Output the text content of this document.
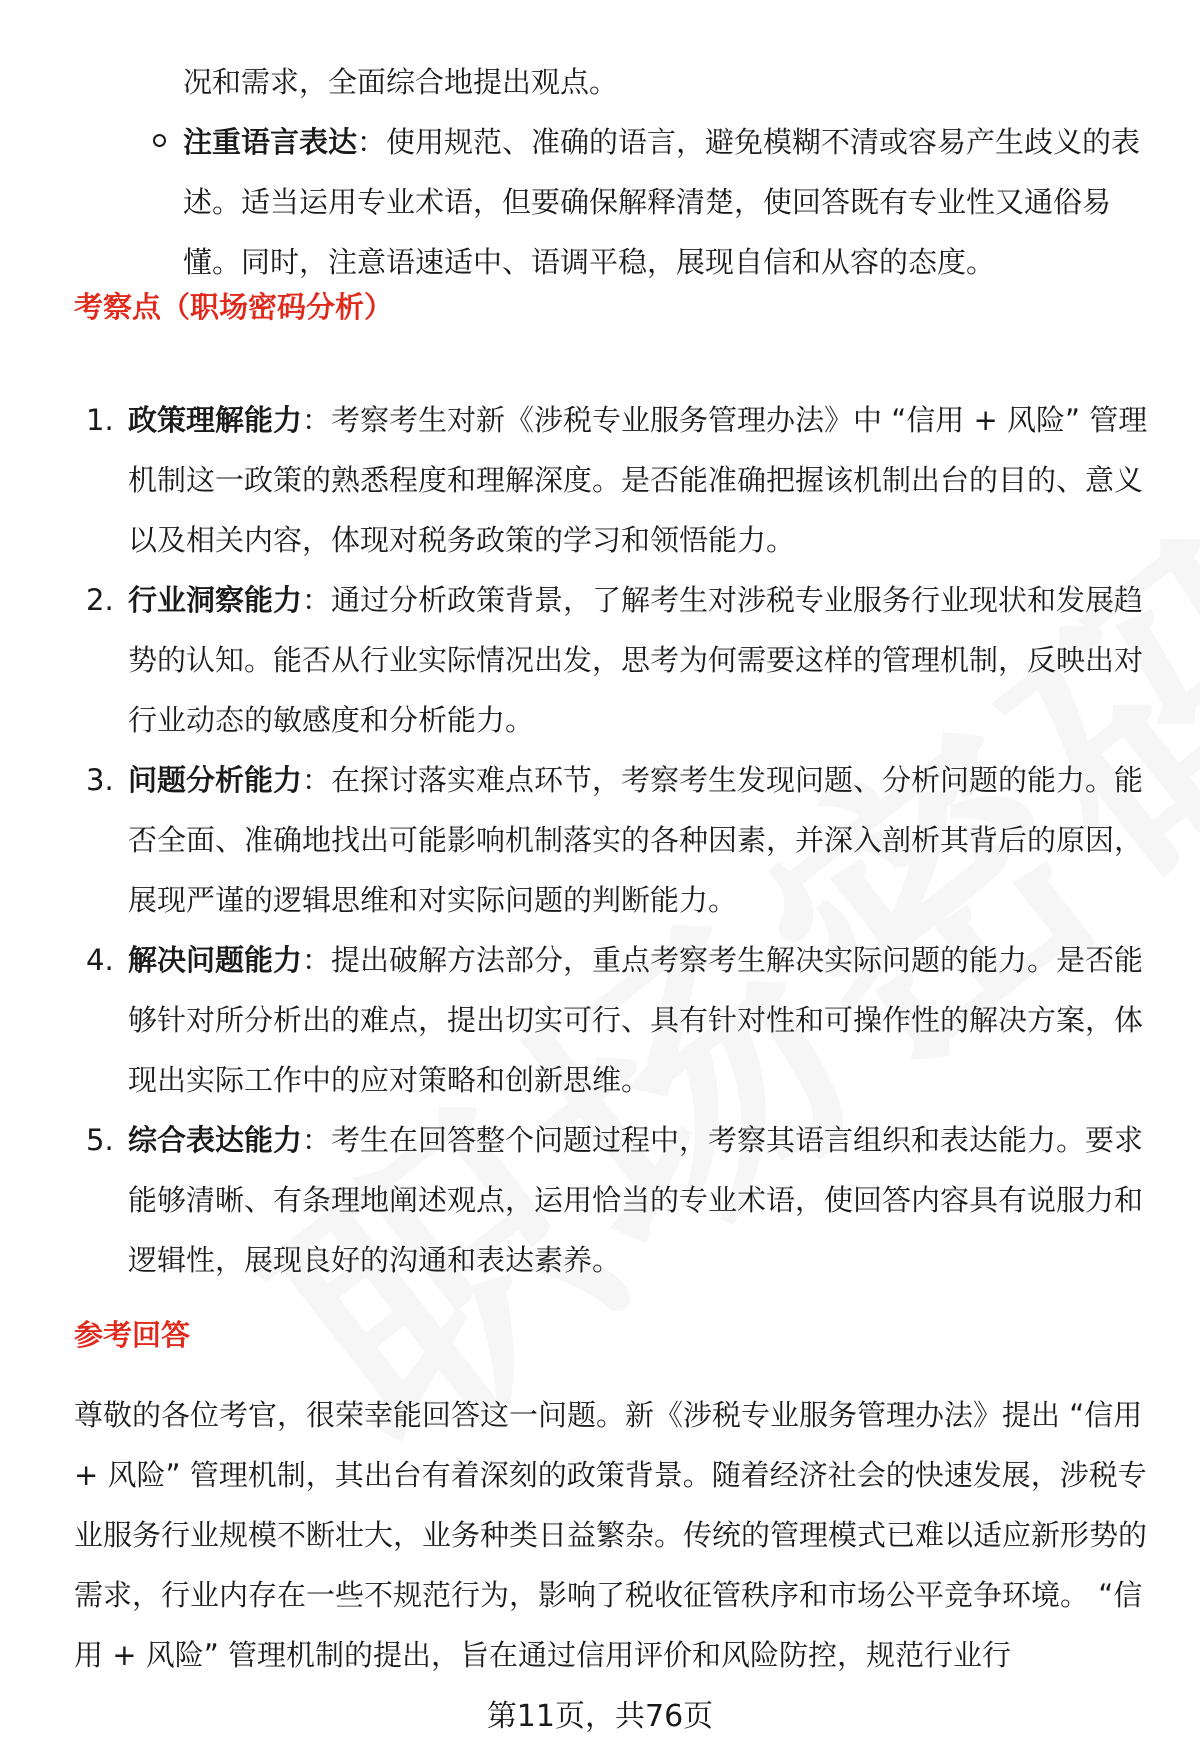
况和需求，全面综合地提出观点。

注重语言表达：使用规范、准确的语言，避免模糊不清或容易产生歧义的表述。适当运用专业术语，但要确保解释清楚，使回答既有专业性又通俗易懂。同时，注意语速适中、语调平稳，展现自信和从容的态度。

考察点（职场密码分析）
1. 政策理解能力：考察考生对新《涉税专业服务管理办法》中 “信用 + 风险” 管理机制这一政策的熟悉程度和理解深度。是否能准确把握该机制出台的目的、意义以及相关内容，体现对税务政策的学习和领悟能力。

2. 行业洞察能力：通过分析政策背景，了解考生对涉税专业服务行业现状和发展趋势的认知。能否从行业实际情况出发，思考为何需要这样的管理机制，反映出对行业动态的敏感度和分析能力。

3. 问题分析能力：在探讨落实难点环节，考察考生发现问题、分析问题的能力。能否全面、准确地找出可能影响机制落实的各种因素，并深入剖析其背后的原因，展现严谨的逻辑思维和对实际问题的判断能力。

4. 解决问题能力：提出破解方法部分，重点考察考生解决实际问题的能力。是否能够针对所分析出的难点，提出切实可行、具有针对性和可操作性的解决方案，体现出实际工作中的应对策略和创新思维。

5. 综合表达能力：考生在回答整个问题过程中，考察其语言组织和表达能力。要求能够清晰、有条理地阐述观点，运用恰当的专业术语，使回答内容具有说服力和逻辑性，展现良好的沟通和表达素养。

参考回答

尊敬的各位考官，很荣幸能回答这一问题。新《涉税专业服务管理办法》提出 “信用 + 风险” 管理机制，其出台有着深刻的政策背景。随着经济社会的快速发展，涉税专业服务行业规模不断壮大，业务种类日益繁杂。传统的管理模式已难以适应新形势的需求，行业内存在一些不规范行为，影响了税收征管秩序和市场公平竞争环境。 “信用 + 风险” 管理机制的提出，旨在通过信用评价和风险防控，规范行业行

第11页，共76页
